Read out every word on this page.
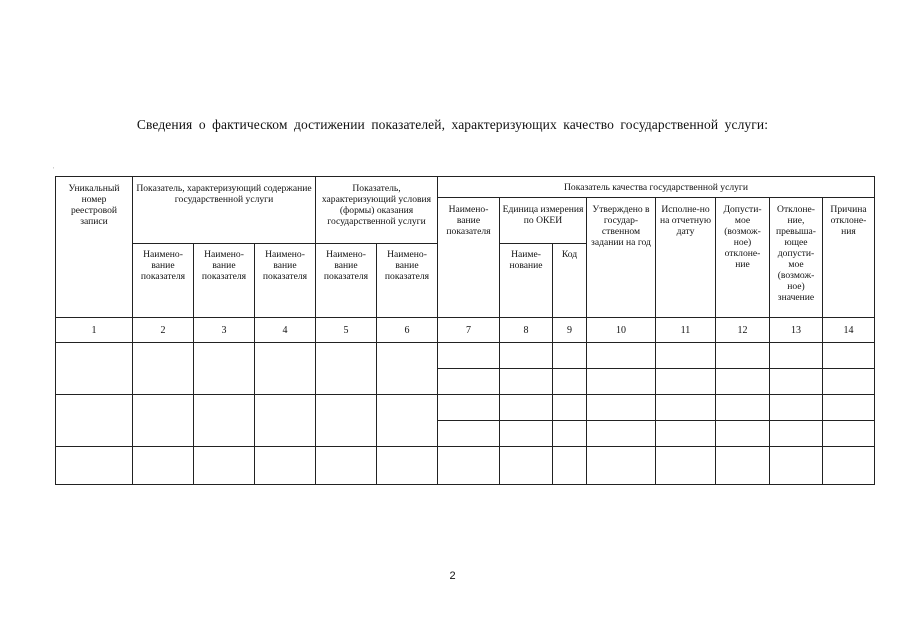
ˌ
Сведения о фактическом достижении показателей, характеризующих качество государственной услуги:
Уникальный номер реестровой записи	Показатель, характеризующий содержание государственной услуги			Показатель, характеризующий условия (формы) оказания государственной услуги		Показатель качества государственной услуги							
						Наимено-вание показателя	Единица измерения по ОКЕИ		Утверждено в государ-ственном задании на год	Исполне-но на отчетную дату	Допусти-мое (возмож-ное) отклоне-ние	Отклоне-ние, превыша-ющее допусти-мое (возмож-ное) значение	Причина отклоне-ния
	Наимено-вание показателя	Наимено-вание показателя	Наимено-вание показателя	Наимено-вание показателя	Наимено-вание показателя		Наиме-нование	Код					
1	2	3	4	5	6	7	8	9	10	11	12	13	14

2
